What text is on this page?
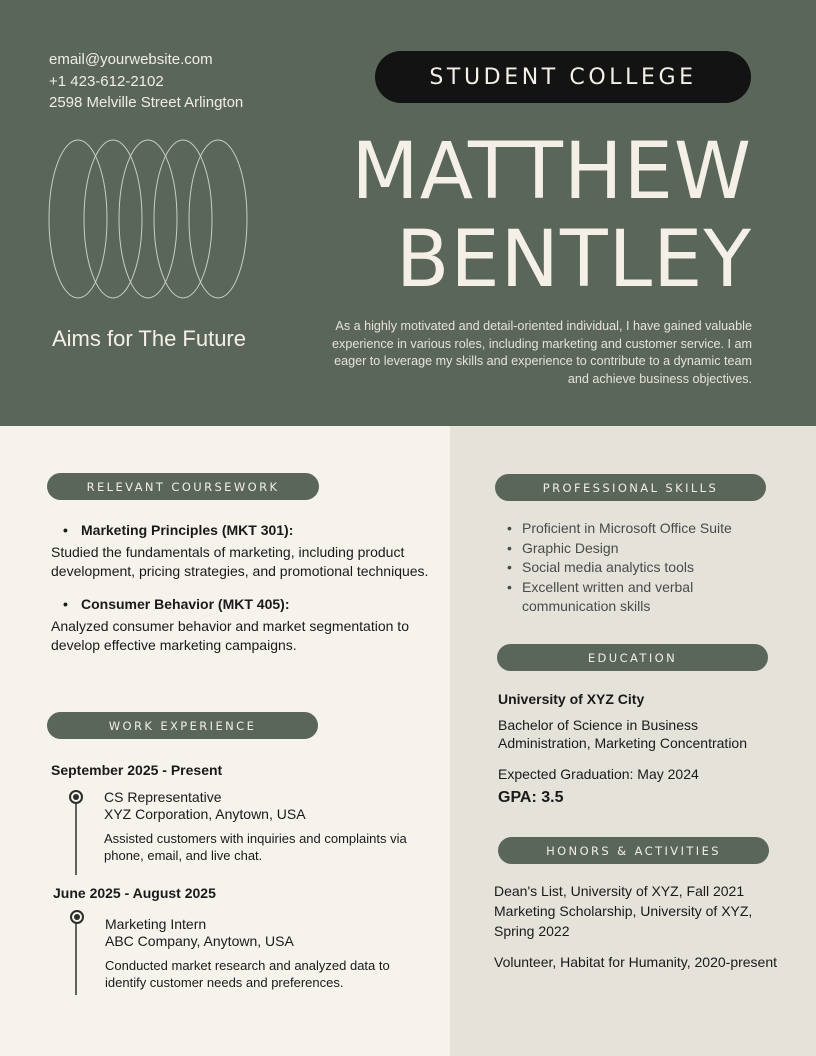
email@yourwebsite.com
+1 423-612-2102
2598 Melville Street Arlington
STUDENT COLLEGE
MATTHEW
BENTLEY
Aims for The Future	As a highly motivated and detail-oriented individual, I have gained valuable experience in various roles, including marketing and customer service. I am eager to leverage my skills and experience to contribute to a dynamic team and achieve business objectives.
RELEVANT COURSEWORK
• Marketing Principles (MKT 301):
Studied the fundamentals of marketing, including product development, pricing strategies, and promotional techniques.
• Consumer Behavior (MKT 405):
Analyzed consumer behavior and market segmentation to develop effective marketing campaigns.
WORK EXPERIENCE
September 2025 - Present
CS Representative
XYZ Corporation, Anytown, USA
Assisted customers with inquiries and complaints via phone, email, and live chat.
June 2025 - August 2025
Marketing Intern
ABC Company, Anytown, USA
Conducted market research and analyzed data to identify customer needs and preferences.
PROFESSIONAL SKILLS
• Proficient in Microsoft Office Suite
• Graphic Design
• Social media analytics tools
• Excellent written and verbal communication skills
EDUCATION
University of XYZ City
Bachelor of Science in Business Administration, Marketing Concentration
Expected Graduation: May 2024
GPA: 3.5
HONORS & ACTIVITIES
Dean's List, University of XYZ, Fall 2021
Marketing Scholarship, University of XYZ, Spring 2022
Volunteer, Habitat for Humanity, 2020-present
